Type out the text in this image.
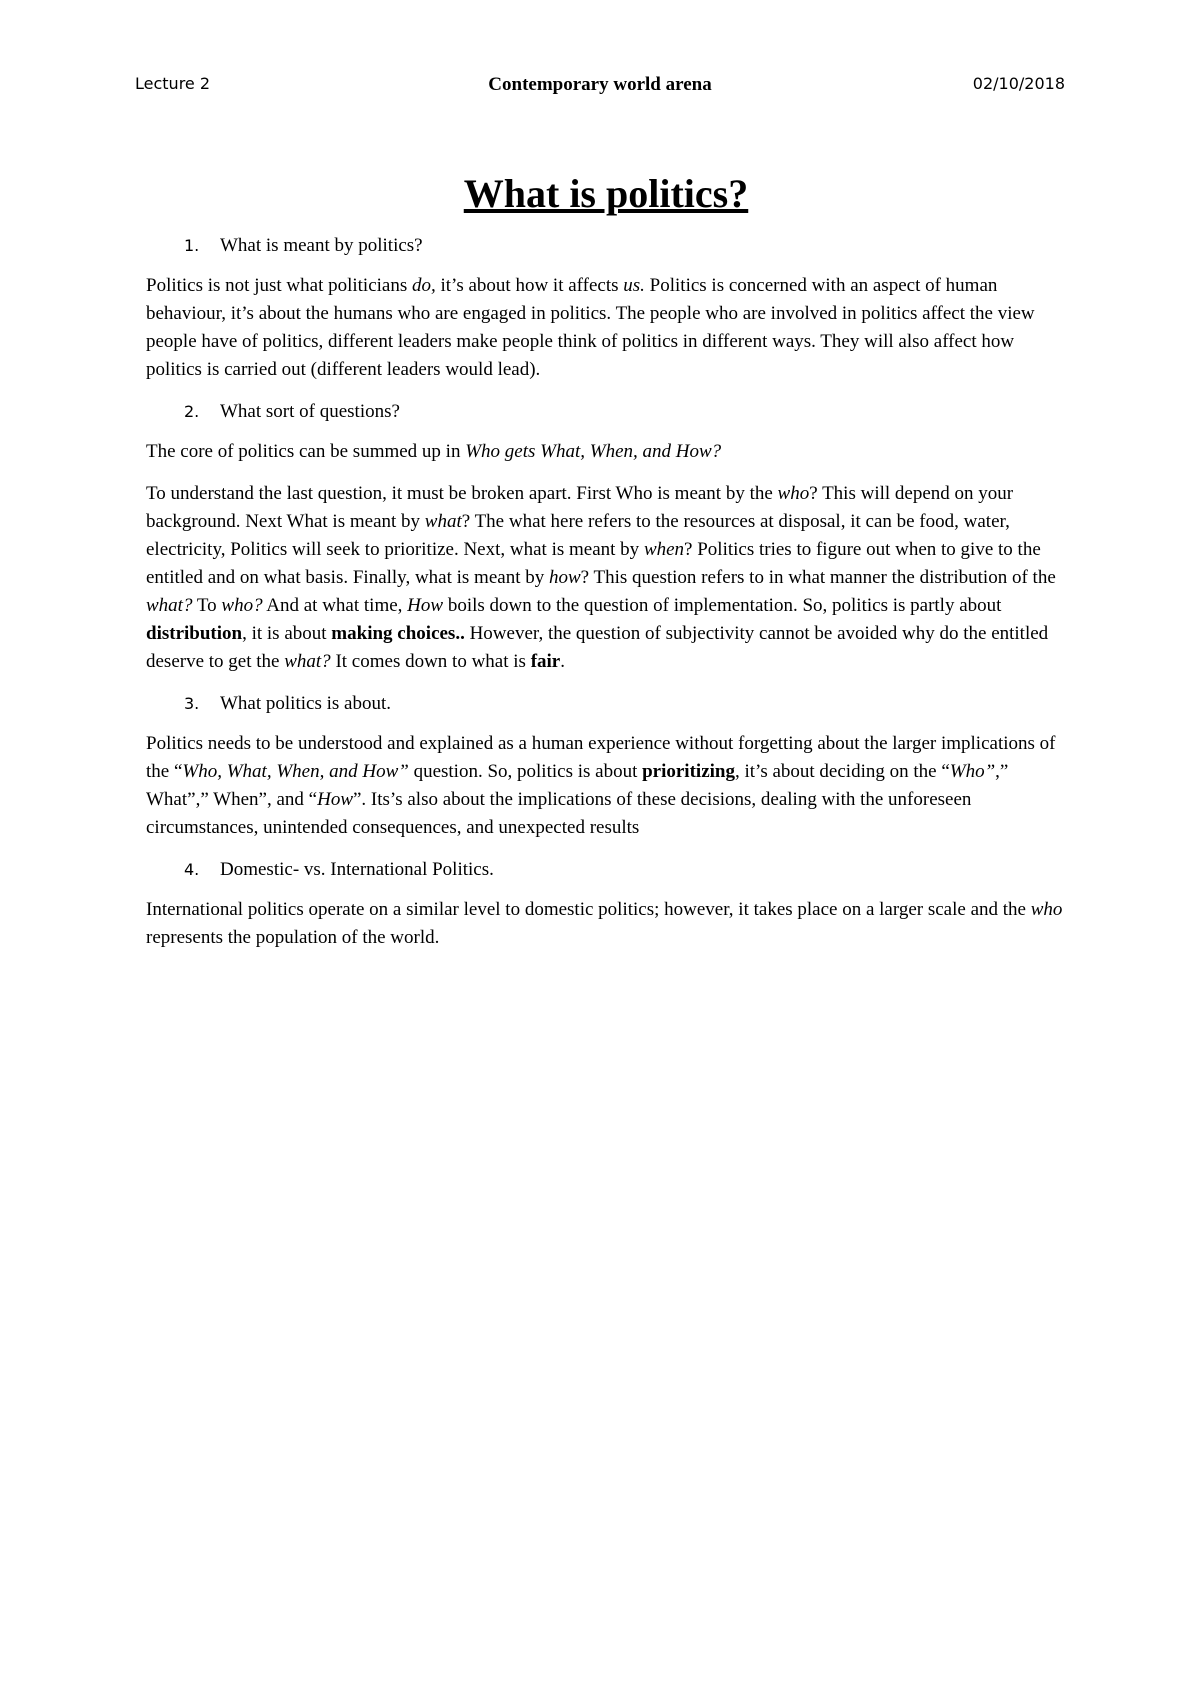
Lecture 2	Contemporary world arena	02/10/2018
What is politics?
1. What is meant by politics?

Politics is not just what politicians do, it’s about how it affects us. Politics is concerned with an aspect of human behaviour, it’s about the humans who are engaged in politics. The people who are involved in politics affect the view people have of politics, different leaders make people think of politics in different ways. They will also affect how politics is carried out (different leaders would lead).

2. What sort of questions?

The core of politics can be summed up in Who gets What, When, and How?

To understand the last question, it must be broken apart. First Who is meant by the who? This will depend on your background. Next What is meant by what? The what here refers to the resources at disposal, it can be food, water, electricity, Politics will seek to prioritize. Next, what is meant by when? Politics tries to figure out when to give to the entitled and on what basis. Finally, what is meant by how? This question refers to in what manner the distribution of the what? To who? And at what time, How boils down to the question of implementation. So, politics is partly about distribution, it is about making choices.. However, the question of subjectivity cannot be avoided why do the entitled deserve to get the what? It comes down to what is fair.

3. What politics is about.

Politics needs to be understood and explained as a human experience without forgetting about the larger implications of the “Who, What, When, and How” question. So, politics is about prioritizing, it’s about deciding on the “Who”,” What”,” When”, and “How”. Its’s also about the implications of these decisions, dealing with the unforeseen circumstances, unintended consequences, and unexpected results

4. Domestic- vs. International Politics.

International politics operate on a similar level to domestic politics; however, it takes place on a larger scale and the who represents the population of the world.
